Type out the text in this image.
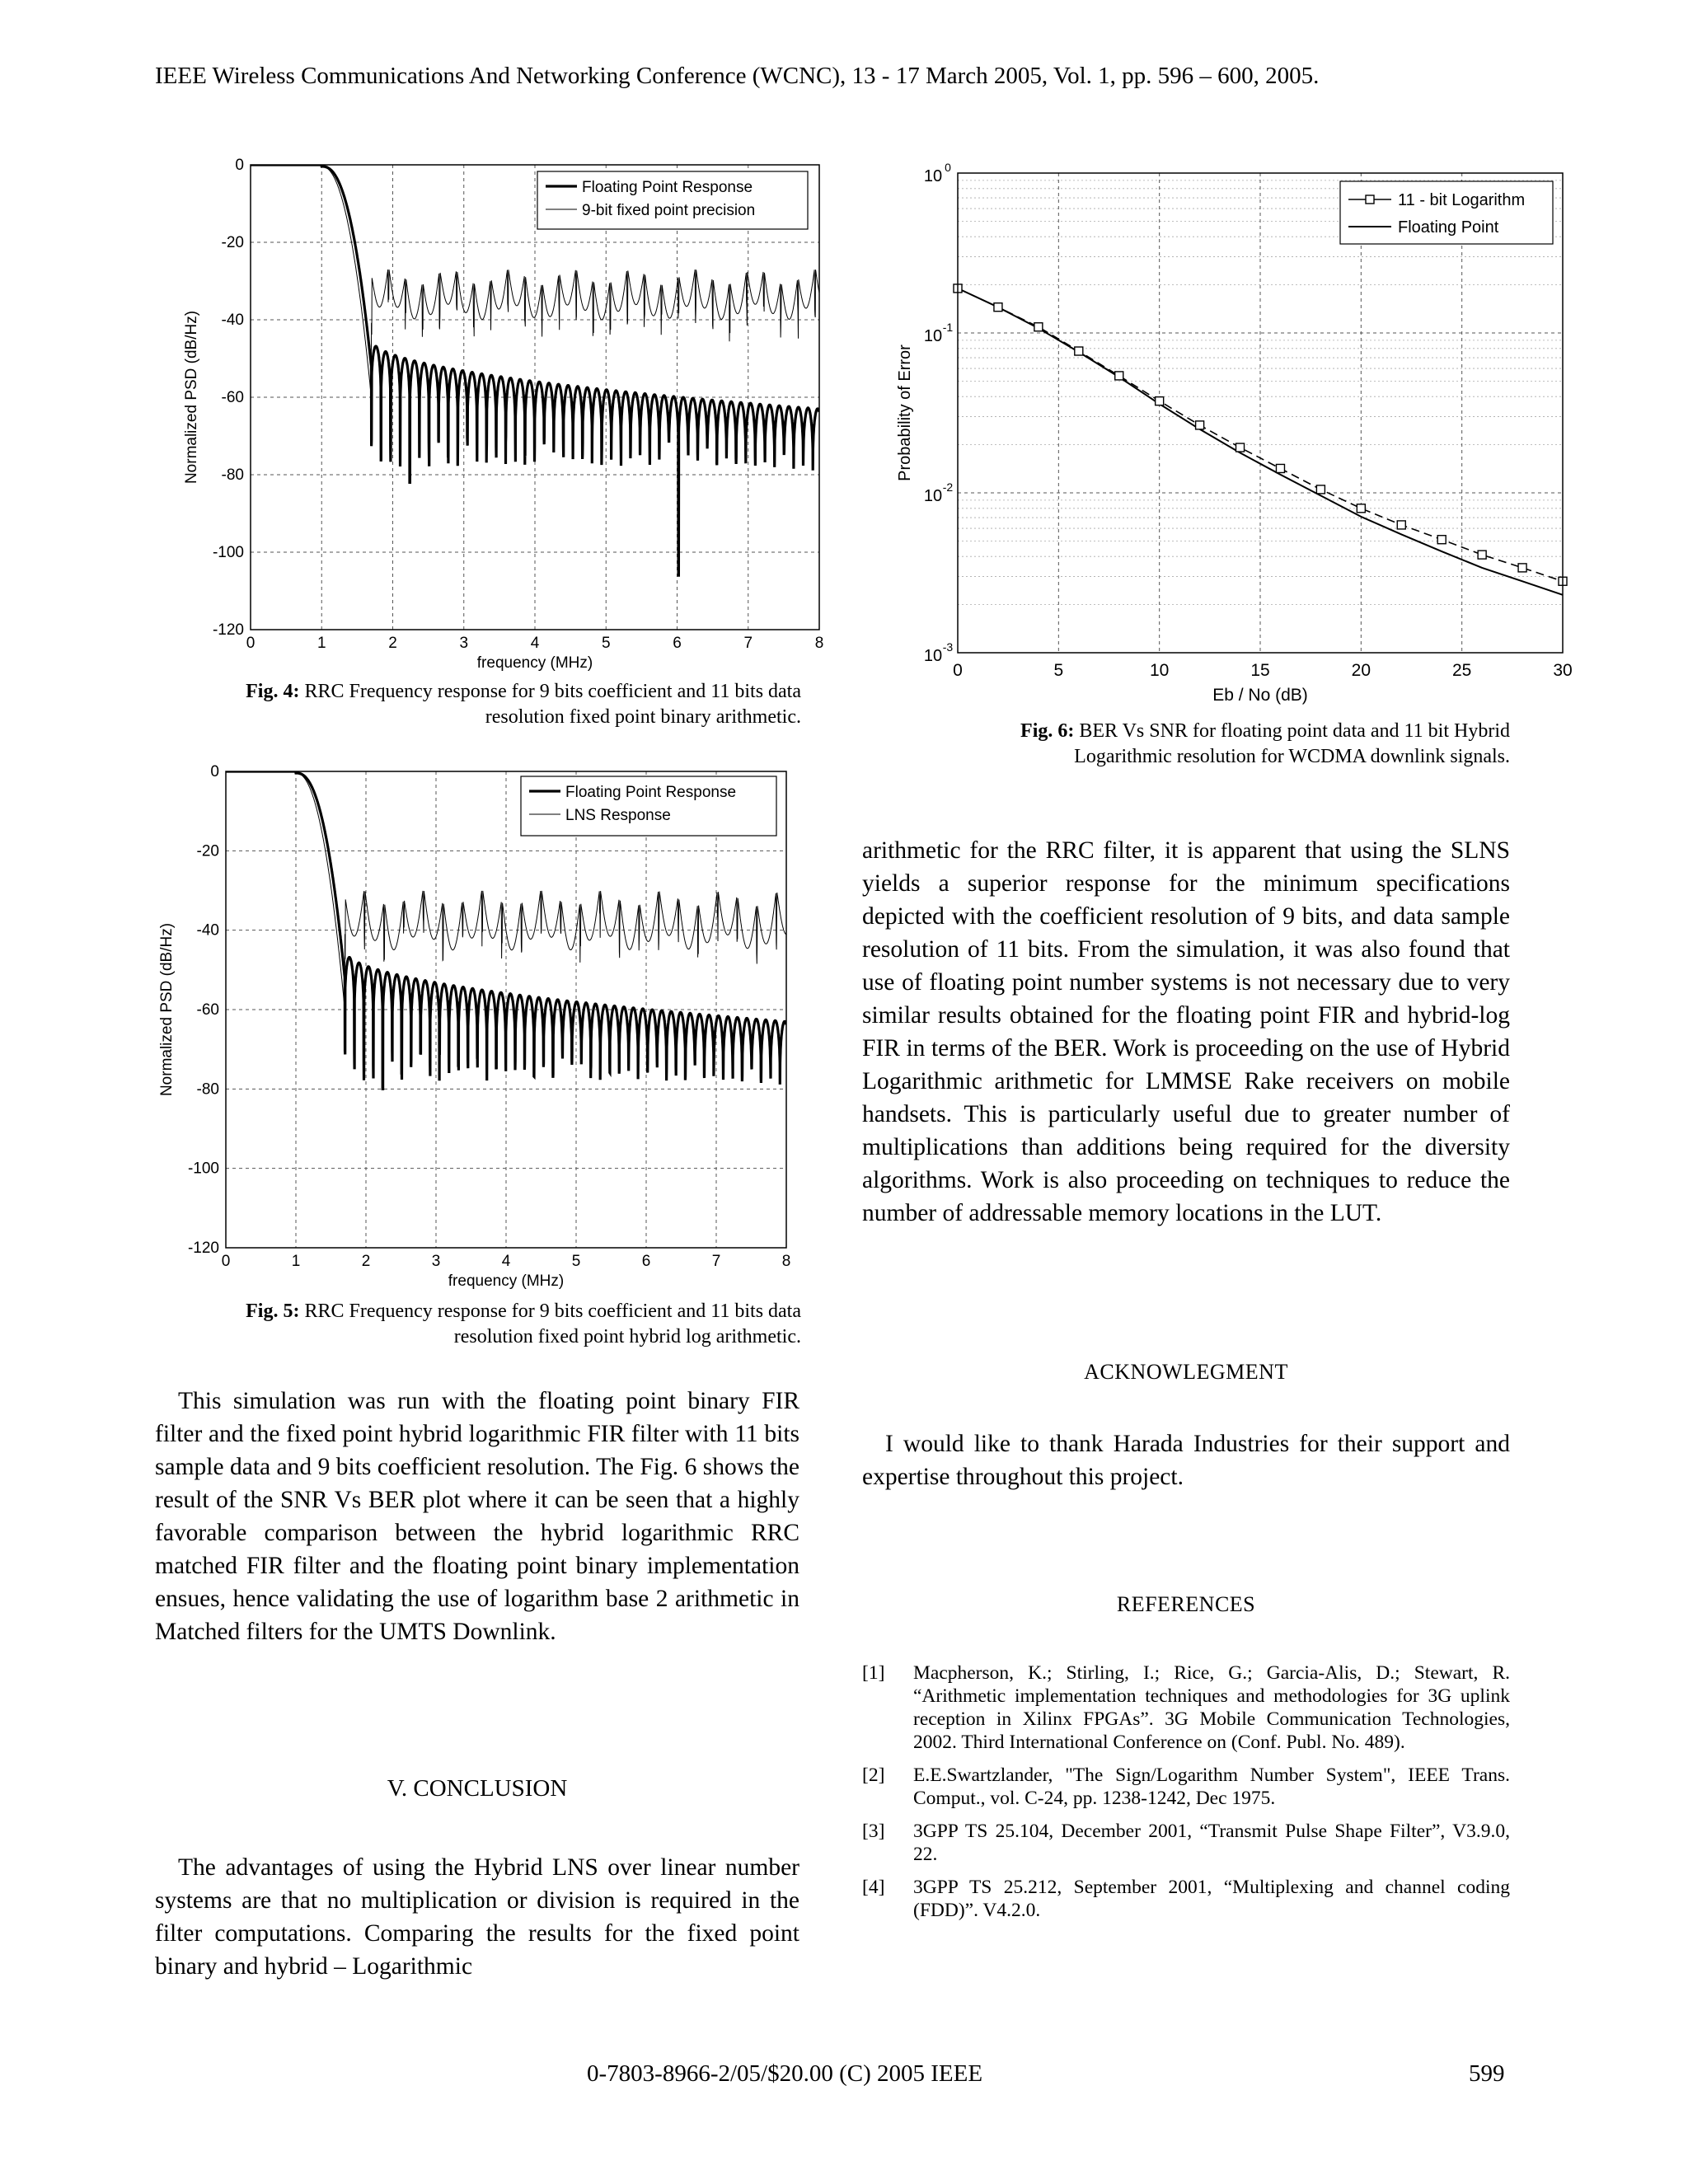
IEEE Wireless Communications And Networking Conference (WCNC), 13 - 17 March 2005, Vol. 1, pp. 596 – 600, 2005.
0	1	2	3	4	5	6	7	8
0
-20
-40
-60
-80
-100
-120
frequency (MHz)
Normalized PSD (dB/Hz)
Floating Point Response
9-bit fixed point precision
Fig. 4: RRC Frequency response for 9 bits coefficient and 11 bits data resolution fixed point binary arithmetic.
0	1	2	3	4	5	6	7	8
0
-20
-40
-60
-80
-100
-120
frequency (MHz)
Normalized PSD (dB/Hz)
Floating Point Response
LNS Response
Fig. 5: RRC Frequency response for 9 bits coefficient and 11 bits data resolution fixed point hybrid log arithmetic.
0	5	10	15	20	25	30
10 0
10 -1
10 -2
10 -3
Eb / No (dB)
Probability of Error
11 - bit Logarithm
Floating Point
Fig. 6: BER Vs SNR for floating point data and 11 bit Hybrid Logarithmic resolution for WCDMA downlink signals.

This simulation was run with the floating point binary FIR filter and the fixed point hybrid logarithmic FIR filter with 11 bits sample data and 9 bits coefficient resolution. The Fig. 6 shows the result of the SNR Vs BER plot where it can be seen that a highly favorable comparison between the hybrid logarithmic RRC matched FIR filter and the floating point binary implementation ensues, hence validating the use of logarithm base 2 arithmetic in Matched filters for the UMTS Downlink.

V. CONCLUSION

The advantages of using the Hybrid LNS over linear number systems are that no multiplication or division is required in the filter computations. Comparing the results for the fixed point binary and hybrid – Logarithmic

arithmetic for the RRC filter, it is apparent that using the SLNS yields a superior response for the minimum specifications depicted with the coefficient resolution of 9 bits, and data sample resolution of 11 bits. From the simulation, it was also found that use of floating point number systems is not necessary due to very similar results obtained for the floating point FIR and hybrid-log FIR in terms of the BER. Work is proceeding on the use of Hybrid Logarithmic arithmetic for LMMSE Rake receivers on mobile handsets. This is particularly useful due to greater number of multiplications than additions being required for the diversity algorithms. Work is also proceeding on techniques to reduce the number of addressable memory locations in the LUT.

ACKNOWLEGMENT

I would like to thank Harada Industries for their support and expertise throughout this project.

REFERENCES
[1]	Macpherson, K.; Stirling, I.; Rice, G.; Garcia-Alis, D.; Stewart, R. “Arithmetic implementation techniques and methodologies for 3G uplink reception in Xilinx FPGAs”. 3G Mobile Communication Technologies, 2002. Third International Conference on (Conf. Publ. No. 489).
[2]	E.E.Swartzlander, "The Sign/Logarithm Number System", IEEE Trans. Comput., vol. C-24, pp. 1238-1242, Dec 1975.
[3]	3GPP TS 25.104, December 2001, “Transmit Pulse Shape Filter”, V3.9.0, 22.
[4]	3GPP TS 25.212, September 2001, “Multiplexing and channel coding (FDD)”. V4.2.0.
0-7803-8966-2/05/$20.00 (C) 2005 IEEE	599
